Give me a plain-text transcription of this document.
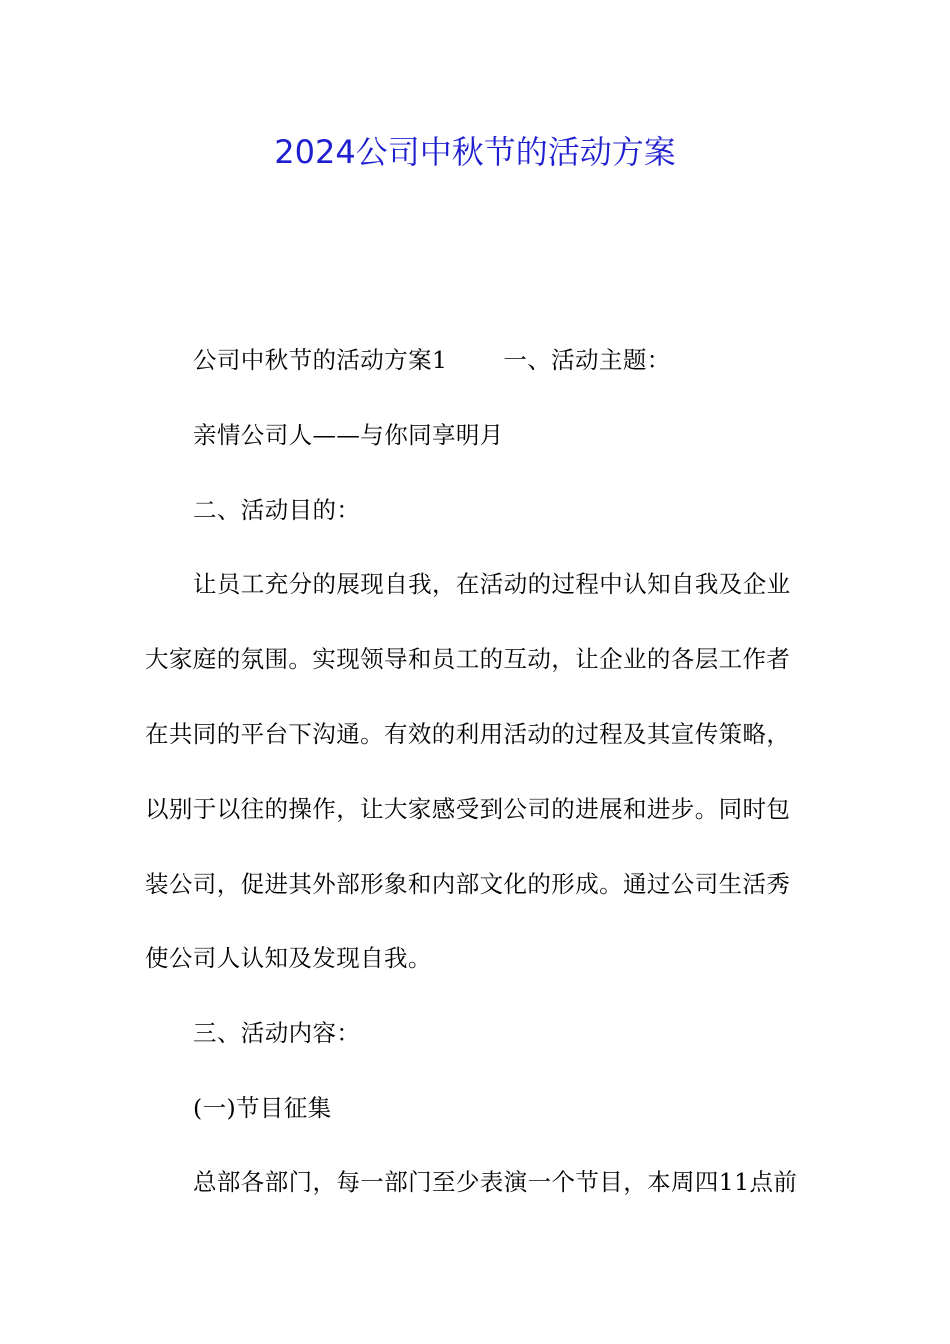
2024公司中秋节的活动方案
公司中秋节的活动方案1 一、活动主题：
亲情公司人——与你同享明月
二、活动目的：
让员工充分的展现自我，在活动的过程中认知自我及企业
大家庭的氛围。实现领导和员工的互动，让企业的各层工作者
在共同的平台下沟通。有效的利用活动的过程及其宣传策略，
以别于以往的操作，让大家感受到公司的进展和进步。同时包
装公司，促进其外部形象和内部文化的形成。通过公司生活秀
使公司人认知及发现自我。
三、活动内容：
(一)节目征集
总部各部门，每一部门至少表演一个节目，本周四11点前
